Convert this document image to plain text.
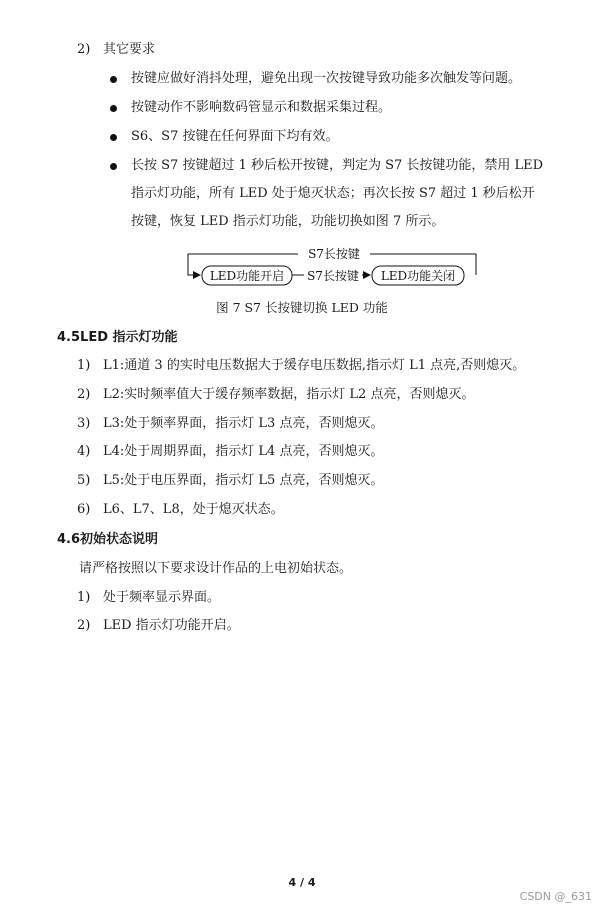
2) 其它要求
按键应做好消抖处理，避免出现一次按键导致功能多次触发等问题。
按键动作不影响数码管显示和数据采集过程。
S6、S7 按键在任何界面下均有效。
长按 S7 按键超过 1 秒后松开按键，判定为 S7 长按键功能，禁用 LED
指示灯功能，所有 LED 处于熄灭状态；再次长按 S7 超过 1 秒后松开
按键，恢复 LED 指示灯功能，功能切换如图 7 所示。
S7长按键
LED功能开启 S7长按键 LED功能关闭
图 7 S7 长按键切换 LED 功能
4.5LED 指示灯功能
1) L1:通道 3 的实时电压数据大于缓存电压数据,指示灯 L1 点亮,否则熄灭。
2) L2:实时频率值大于缓存频率数据，指示灯 L2 点亮，否则熄灭。
3) L3:处于频率界面，指示灯 L3 点亮，否则熄灭。
4) L4:处于周期界面，指示灯 L4 点亮，否则熄灭。
5) L5:处于电压界面，指示灯 L5 点亮，否则熄灭。
6) L6、L7、L8，处于熄灭状态。
4.6初始状态说明
请严格按照以下要求设计作品的上电初始状态。
1) 处于频率显示界面。
2) LED 指示灯功能开启。
4 / 4
CSDN @_631
